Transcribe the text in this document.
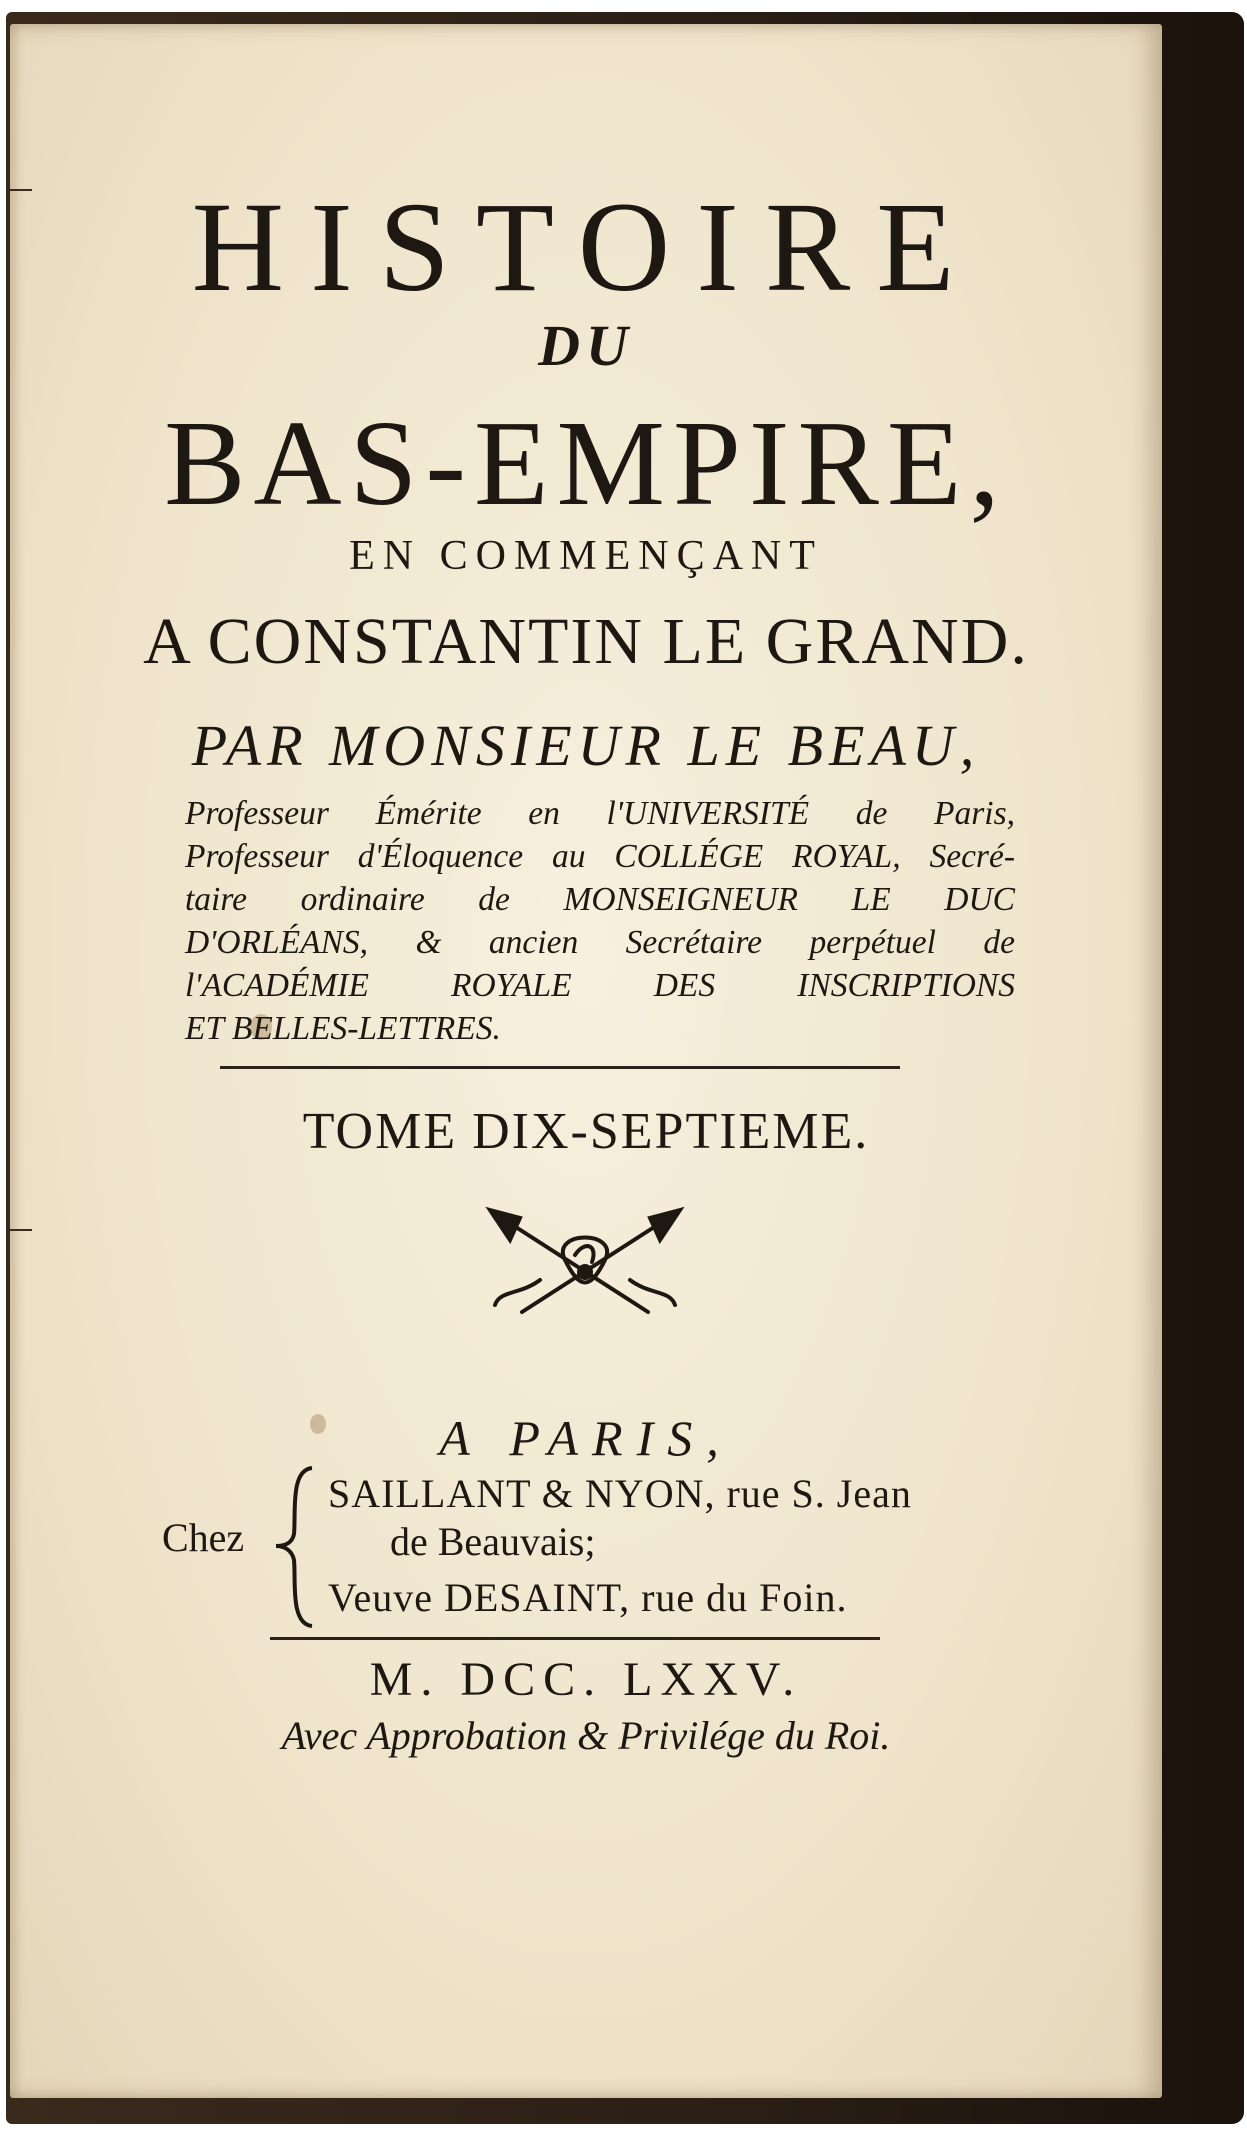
HISTOIRE
DU
BAS-EMPIRE,
EN COMMENÇANT
A CONSTANTIN LE GRAND.
PAR MONSIEUR LE BEAU,
Professeur Émérite en l'UNIVERSITÉ de Paris,
Professeur d'Éloquence au COLLÉGE ROYAL, Secré-
taire ordinaire de MONSEIGNEUR LE DUC
D'ORLÉANS, & ancien Secrétaire perpétuel de
l'ACADÉMIE ROYALE DES INSCRIPTIONS
ET BELLES-LETTRES.
TOME DIX-SEPTIEME.
A PARIS,
Chez
SAILLANT & NYON, rue S. Jean
de Beauvais;
Veuve DESAINT, rue du Foin.
M. DCC. LXXV.
Avec Approbation & Privilége du Roi.
